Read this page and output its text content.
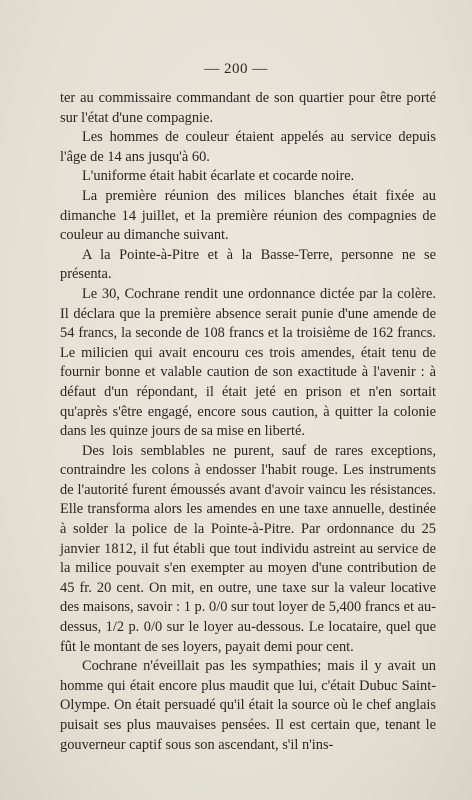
— 200 —

ter au commissaire commandant de son quartier pour être porté sur l'état d'une compagnie.

Les hommes de couleur étaient appelés au service depuis l'âge de 14 ans jusqu'à 60.

L'uniforme était habit écarlate et cocarde noire.

La première réunion des milices blanches était fixée au dimanche 14 juillet, et la première réunion des compagnies de couleur au dimanche suivant.

A la Pointe-à-Pitre et à la Basse-Terre, personne ne se présenta.

Le 30, Cochrane rendit une ordonnance dictée par la colère. Il déclara que la première absence serait punie d'une amende de 54 francs, la seconde de 108 francs et la troisième de 162 francs. Le milicien qui avait encouru ces trois amendes, était tenu de fournir bonne et valable caution de son exactitude à l'avenir : à défaut d'un répondant, il était jeté en prison et n'en sortait qu'après s'être engagé, encore sous caution, à quitter la colonie dans les quinze jours de sa mise en liberté.

Des lois semblables ne purent, sauf de rares exceptions, contraindre les colons à endosser l'habit rouge. Les instruments de l'autorité furent émoussés avant d'avoir vaincu les résistances. Elle transforma alors les amendes en une taxe annuelle, destinée à solder la police de la Pointe-à-Pitre. Par ordonnance du 25 janvier 1812, il fut établi que tout individu astreint au service de la milice pouvait s'en exempter au moyen d'une contribution de 45 fr. 20 cent. On mit, en outre, une taxe sur la valeur locative des maisons, savoir : 1 p. 0/0 sur tout loyer de 5,400 francs et au-dessus, 1/2 p. 0/0 sur le loyer au-dessous. Le locataire, quel que fût le montant de ses loyers, payait demi pour cent.

Cochrane n'éveillait pas les sympathies; mais il y avait un homme qui était encore plus maudit que lui, c'était Dubuc Saint-Olympe. On était persuadé qu'il était la source où le chef anglais puisait ses plus mauvaises pensées. Il est certain que, tenant le gouverneur captif sous son ascendant, s'il n'ins-
